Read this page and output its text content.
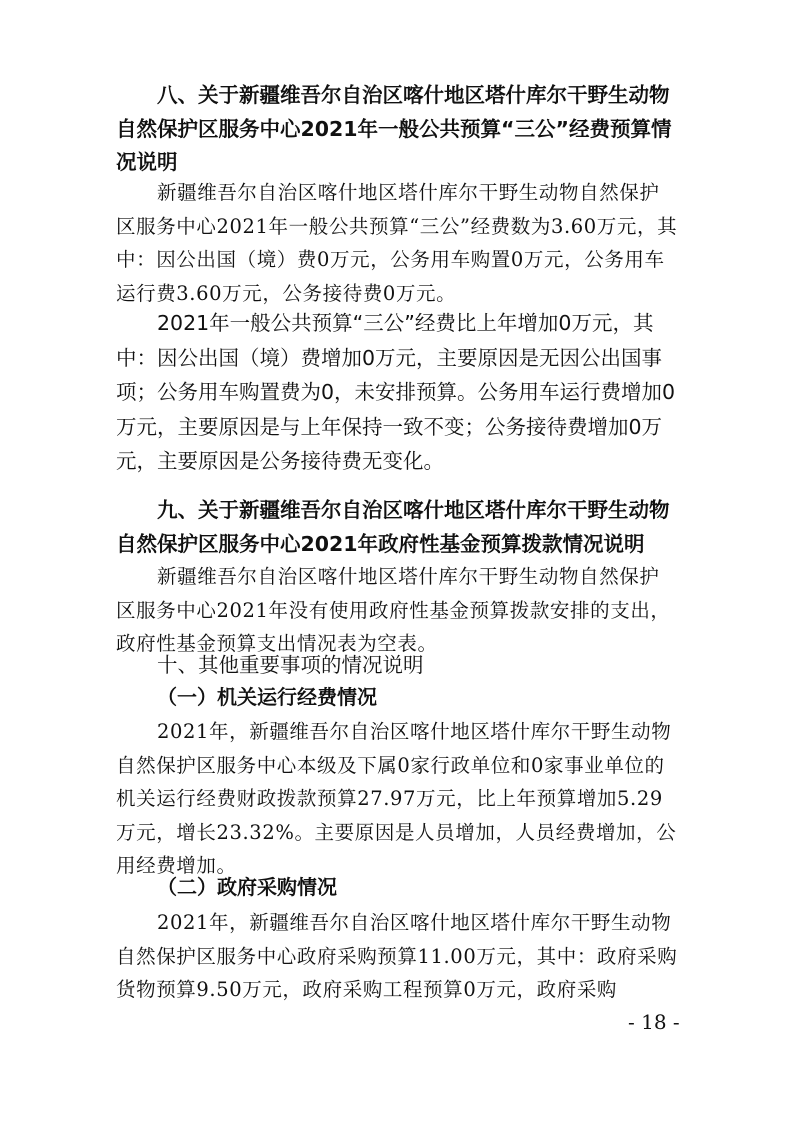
八、关于新疆维吾尔自治区喀什地区塔什库尔干野生动物自然保护区服务中心2021年一般公共预算“三公”经费预算情况说明

新疆维吾尔自治区喀什地区塔什库尔干野生动物自然保护区服务中心2021年一般公共预算“三公”经费数为3.60万元，其中：因公出国（境）费0万元，公务用车购置0万元，公务用车运行费3.60万元，公务接待费0万元。

2021年一般公共预算“三公”经费比上年增加0万元，其中：因公出国（境）费增加0万元，主要原因是无因公出国事项；公务用车购置费为0，未安排预算。公务用车运行费增加0万元，主要原因是与上年保持一致不变；公务接待费增加0万元，主要原因是公务接待费无变化。

九、关于新疆维吾尔自治区喀什地区塔什库尔干野生动物自然保护区服务中心2021年政府性基金预算拨款情况说明

新疆维吾尔自治区喀什地区塔什库尔干野生动物自然保护区服务中心2021年没有使用政府性基金预算拨款安排的支出，政府性基金预算支出情况表为空表。

十、其他重要事项的情况说明

（一）机关运行经费情况

2021年，新疆维吾尔自治区喀什地区塔什库尔干野生动物自然保护区服务中心本级及下属0家行政单位和0家事业单位的机关运行经费财政拨款预算27.97万元，比上年预算增加5.29万元，增长23.32%。主要原因是人员增加，人员经费增加，公用经费增加。

（二）政府采购情况

2021年，新疆维吾尔自治区喀什地区塔什库尔干野生动物自然保护区服务中心政府采购预算11.00万元，其中：政府采购货物预算9.50万元，政府采购工程预算0万元，政府采购

- 18 -
